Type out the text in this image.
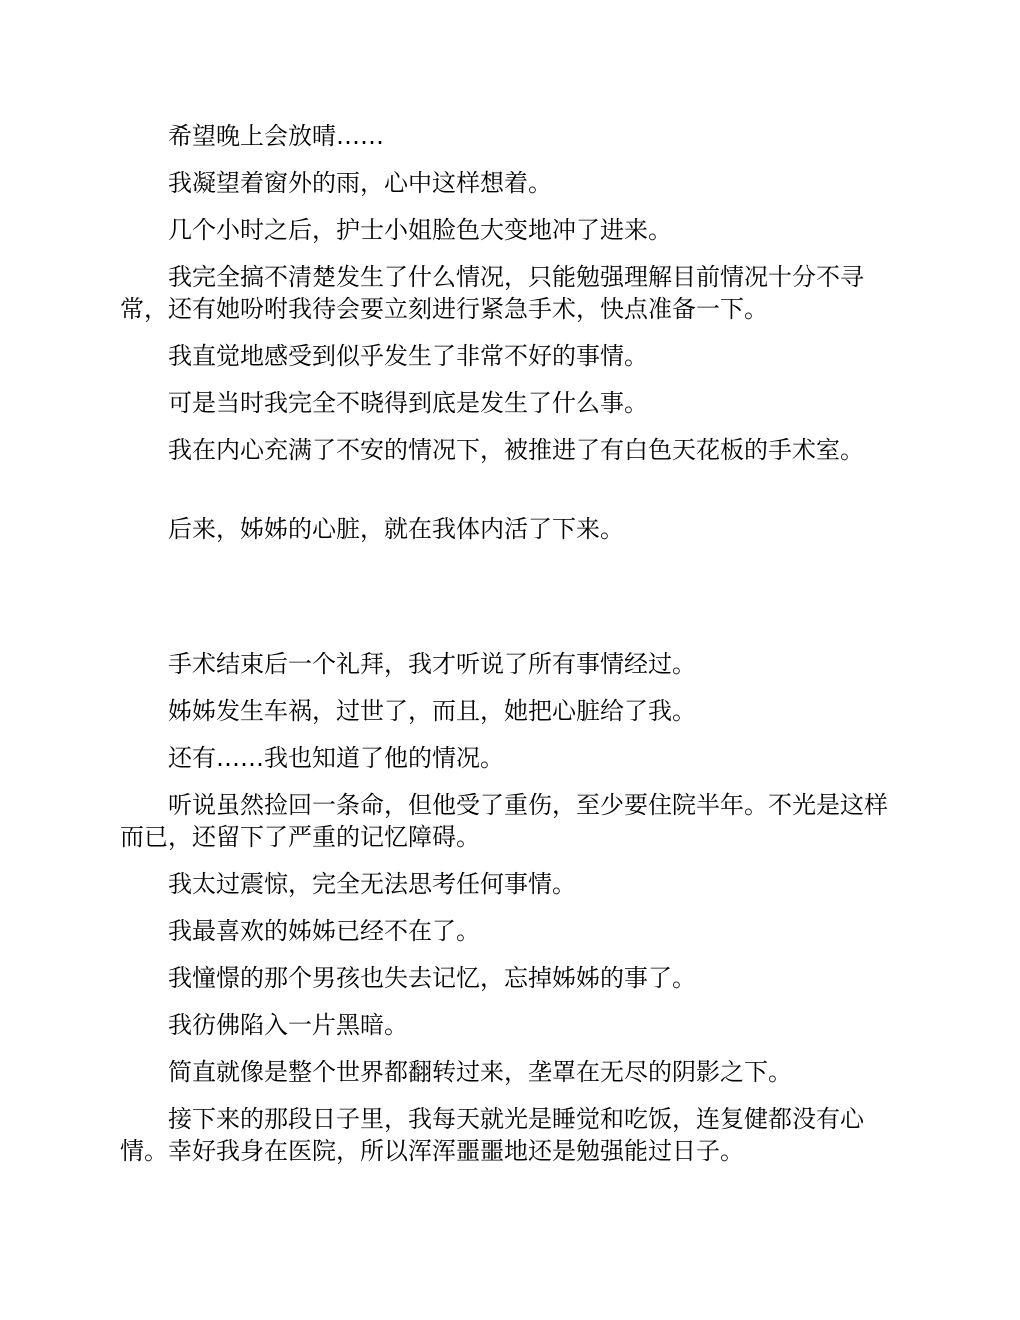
希望晚上会放晴……

我凝望着窗外的雨，心中这样想着。

几个小时之后，护士小姐脸色大变地冲了进来。

我完全搞不清楚发生了什么情况，只能勉强理解目前情况十分不寻常，还有她吩咐我待会要立刻进行紧急手术，快点准备一下。

我直觉地感受到似乎发生了非常不好的事情。

可是当时我完全不晓得到底是发生了什么事。

我在内心充满了不安的情况下，被推进了有白色天花板的手术室。

后来，姊姊的心脏，就在我体内活了下来。

手术结束后一个礼拜，我才听说了所有事情经过。

姊姊发生车祸，过世了，而且，她把心脏给了我。

还有……我也知道了他的情况。

听说虽然捡回一条命，但他受了重伤，至少要住院半年。不光是这样而已，还留下了严重的记忆障碍。

我太过震惊，完全无法思考任何事情。

我最喜欢的姊姊已经不在了。

我憧憬的那个男孩也失去记忆，忘掉姊姊的事了。

我彷佛陷入一片黑暗。

简直就像是整个世界都翻转过来，垄罩在无尽的阴影之下。

接下来的那段日子里，我每天就光是睡觉和吃饭，连复健都没有心情。幸好我身在医院，所以浑浑噩噩地还是勉强能过日子。
